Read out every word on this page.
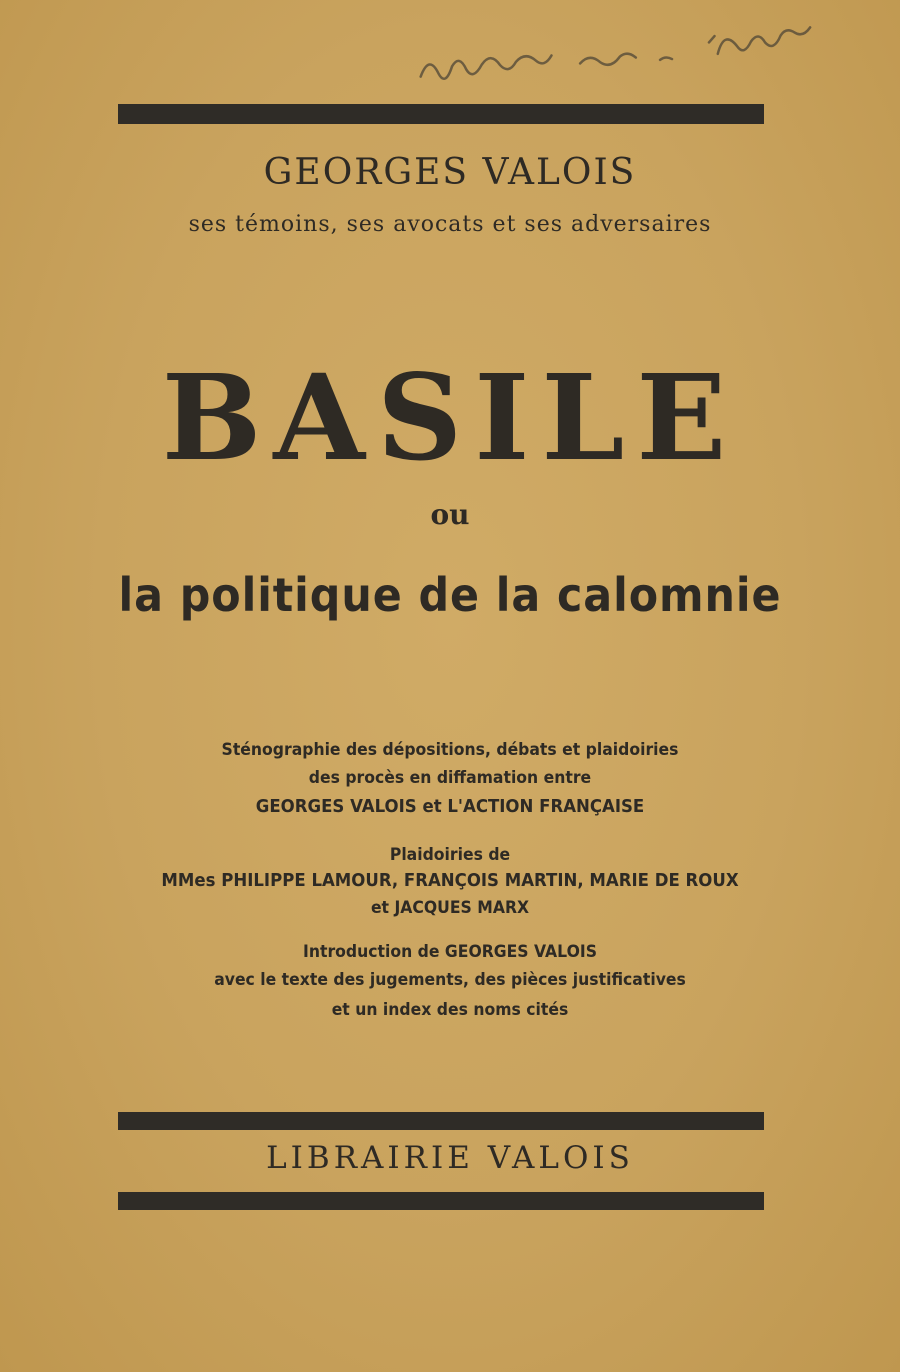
GEORGES VALOIS
ses témoins, ses avocats et ses adversaires
BASILE
ou
la politique de la calomnie
Sténographie des dépositions, débats et plaidoiries
des procès en diffamation entre
GEORGES VALOIS et L'ACTION FRANÇAISE
Plaidoiries de
MMes PHILIPPE LAMOUR, FRANÇOIS MARTIN, MARIE DE ROUX
et JACQUES MARX
Introduction de GEORGES VALOIS
avec le texte des jugements, des pièces justificatives
et un index des noms cités
LIBRAIRIE VALOIS
